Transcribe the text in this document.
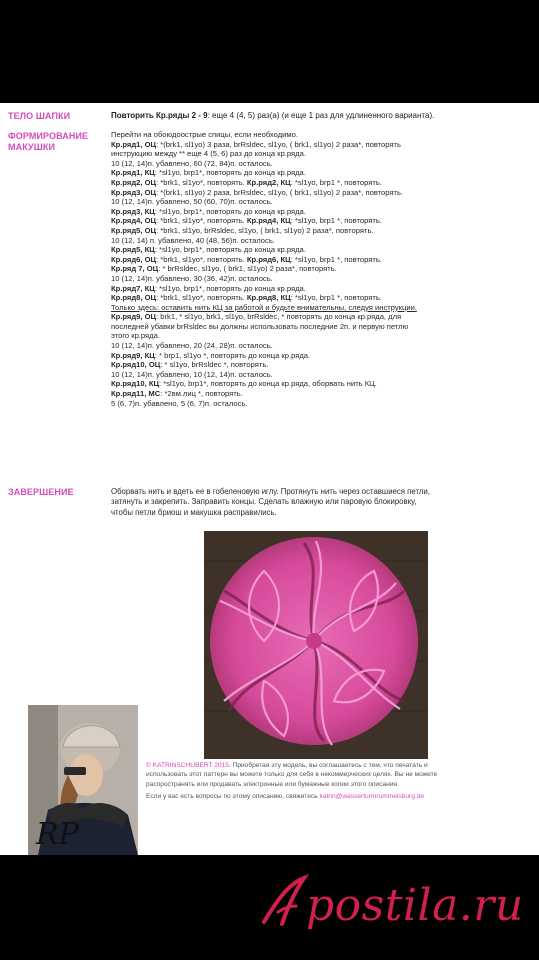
ТЕЛО ШАПКИ
ФОРМИРОВАНИЕ
МАКУШКИ
ЗАВЕРШЕНИЕ
Повторить Кр.ряды 2 - 9: еще 4 (4, 5) раз(а) (и еще 1 раз для удлиненного варианта).

Перейти на обоюдоострые спицы, если необходимо.

Кр.ряд1, ОЦ: *(brk1, sl1yo) 3 раза, brRsldec, sl1yo, ( brk1, sl1yo) 2 раза*, повторять

инструкцию между ** еще 4 (5, 6) раз до конца кр.ряда.

10 (12, 14)п. убавлено, 60 (72, 84)п. осталось.

Кр.ряд1, КЦ: *sl1yo, brp1*, повторять до конца кр.ряда.

Кр.ряд2, ОЦ: *brk1, sl1yo*, повторять. Кр.ряд2, КЦ: *sl1yo, brp1 *, повторять.

Кр.ряд3, ОЦ: *(brk1, sl1yo) 2 раза, brRsldec, sl1yo, ( brk1, sl1yo) 2 раза*, повторять.

10 (12, 14)п. убавлено, 50 (60, 70)п. осталось.

Кр.ряд3, КЦ: *sl1yo, brp1*, повторять до конца кр.ряда.

Кр.ряд4, ОЦ: *brk1, sl1yo*, повторять. Кр.ряд4, КЦ: *sl1yo, brp1 *, повторять.

Кр.ряд5, ОЦ: *brk1, sl1yo, brRsldec, sl1yo, ( brk1, sl1yo) 2 раза*, повторять.

10 (12, 14) п. убавлено, 40 (48, 56)п. осталось.

Кр.ряд5, КЦ: *sl1yo, brp1*, повторять до конца кр.ряда.

Кр.ряд6, ОЦ: *brk1, sl1yo*, повторять. Кр.ряд6, КЦ: *sl1yo, brp1 *, повторять.

Кр.ряд 7, ОЦ: * brRsldec, sl1yo, ( brk1, sl1yo) 2 раза*, повторять.

10 (12, 14)п. убавлено, 30 (36, 42)п. осталось.

Кр.ряд7, КЦ: *sl1yo, brp1*, повторять до конца кр.ряда.

Кр.ряд8, ОЦ: *brk1, sl1yo*, повторять. Кр.ряд8, КЦ: *sl1yo, brp1 *, повторять.

Только здесь: оставить нить КЦ за работой и будьте внимательны, следуя инструкции.

Кр.ряд9, ОЦ: brk1, * sl1yo, brk1, sl1yo, brRsldec, * повторять до конца кр.ряда, для

последней убавки brRsldec вы должны использовать последние 2п. и первую петлю

этого кр.ряда.

10 (12, 14)п. убавлено, 20 (24, 28)п. осталось.

Кр.ряд9, КЦ: * brp1, sl1yo *, повторять до конца кр.ряда.

Кр.ряд10, ОЦ: * sl1yo, brRsldec *, повторять.

10 (12, 14)п. убавлено, 10 (12, 14)п. осталось.

Кр.ряд10, КЦ: *sl1yo, brp1*, повторять до конца кр.ряда, оборвать нить КЦ.

Кр.ряд11, МС: *2вм.лиц *, повторять.

5 (6, 7)п. убавлено, 5 (6, 7)п. осталось.

Оборвать нить и вдеть ее в гобеленовую иглу. Протянуть нить через оставшиеся петли,

затянуть и закрепить. Заправить концы. Сделать влажную или паровую блокировку,

чтобы петли бриош и макушка расправились.

RP

© KATRINSCHUBERT 2015. Приобретая эту модель, вы соглашаетесь с тем, что печатать и

использовать этот паттерн вы можете только для себя в некоммерческих целях. Вы не можете

распространять или продавать электронные или бумажные копии этого описания.

Если у вас есть вопросы по этому описанию, свяжитесь katrin@wasserturmrummelsburg.de

postila.ru
